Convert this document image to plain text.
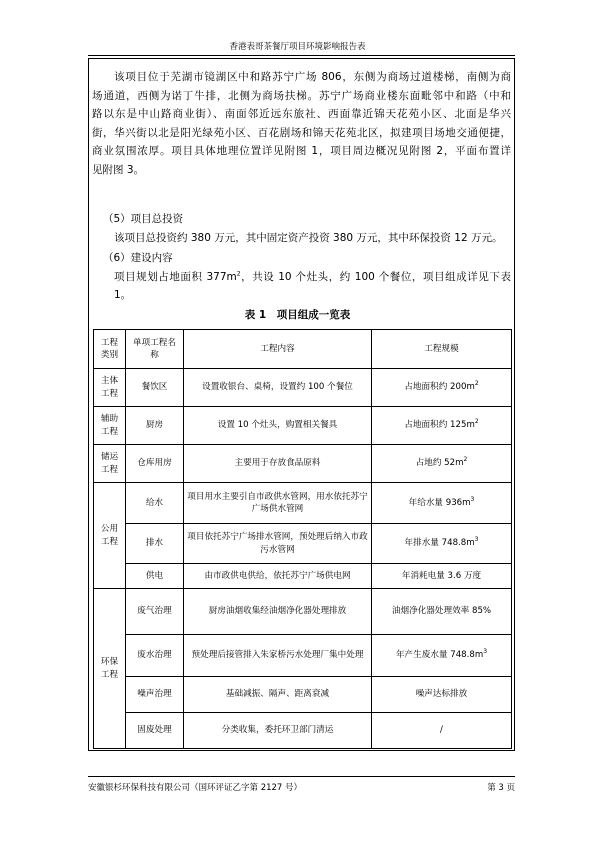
香港表哥茶餐厅项目环境影响报告表

该项目位于芜湖市镜湖区中和路苏宁广场 806，东侧为商场过道楼梯，南侧为商

场通道，西侧为诺丁牛排，北侧为商场扶梯。苏宁广场商业楼东面毗邻中和路（中和

路以东是中山路商业街）、南面邻近远东旅社、西面靠近锦天花苑小区、北面是华兴

街，华兴街以北是阳光绿苑小区、百花剧场和锦天花苑北区，拟建项目场地交通便捷，

商业氛围浓厚。项目具体地理位置详见附图 1，项目周边概况见附图 2，平面布置详

见附图 3。

（5）项目总投资

该项目总投资约 380 万元，其中固定资产投资 380 万元，其中环保投资 12 万元。

（6）建设内容

项目规划占地面积 $377m^2$，共设 10 个灶头，约 100 个餐位，项目组成详见下表 1。

表 1　项目组成一览表
工程类别	单项工程名称	工程内容	工程规模
主体工程	餐饮区	设置收银台、桌椅，设置约 100 个餐位	占地面积约 $200m^2$
辅助工程	厨房	设置 10 个灶头，购置相关餐具	占地面积约 $125m^2$
储运工程	仓库用房	主要用于存放食品原料	占地约 $52m^2$
公用工程	给水	项目用水主要引自市政供水管网，用水依托苏宁广场供水管网	年给水量 $936m^3$
	排水	项目依托苏宁广场排水管网，预处理后纳入市政污水管网	年排水量 $748.8m^3$
	供电	由市政供电供给，依托苏宁广场供电网	年消耗电量 3.6 万度
环保工程	废气治理	厨房油烟收集经油烟净化器处理排放	油烟净化器处理效率 85%
	废水治理	预处理后接管排入朱家桥污水处理厂集中处理	年产生废水量 $748.8m^3$
	噪声治理	基础减振、隔声、距离衰减	噪声达标排放
	固废处理	分类收集，委托环卫部门清运	/
安徽银杉环保科技有限公司（国环评证乙字第 2127 号）	第 3 页
